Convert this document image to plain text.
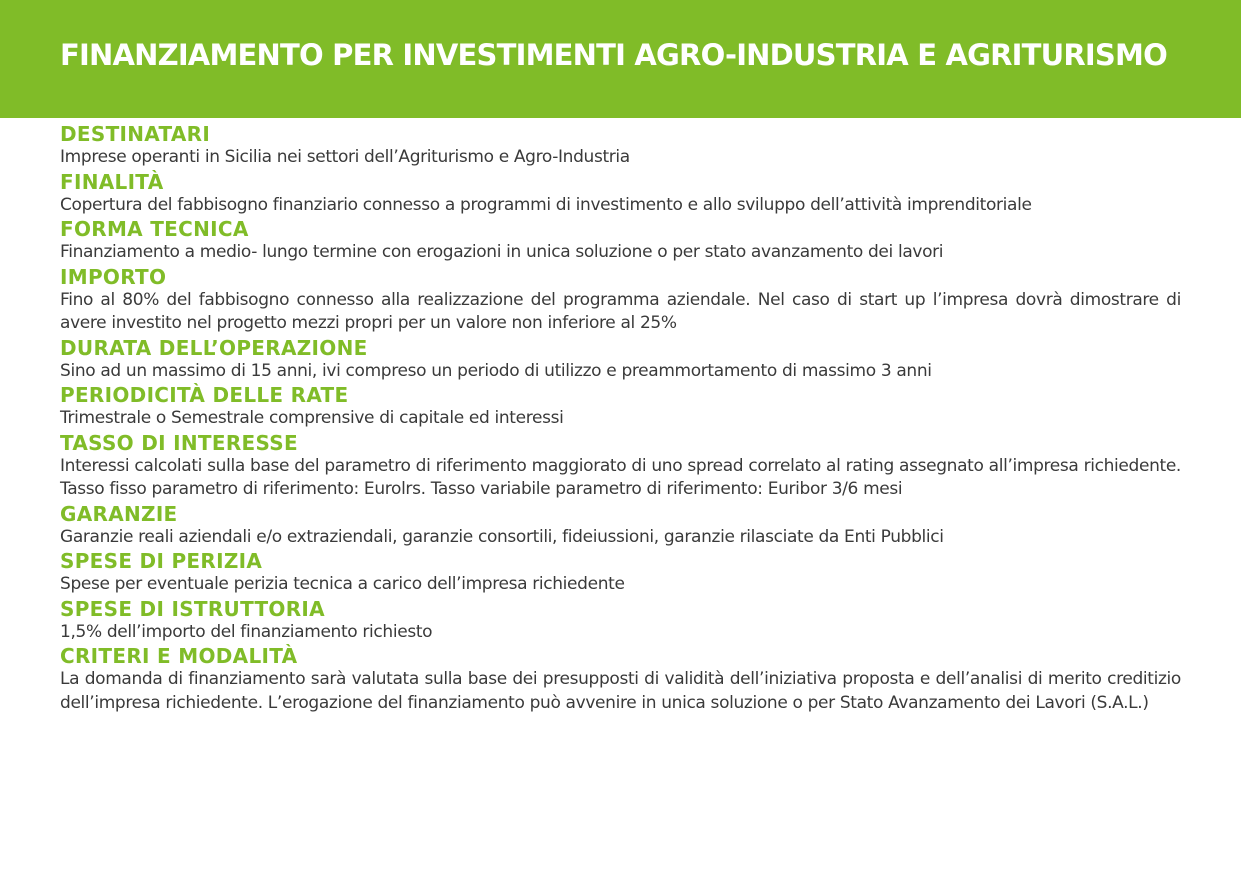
FINANZIAMENTO PER INVESTIMENTI AGRO-INDUSTRIA E AGRITURISMO
DESTINATARI

Imprese operanti in Sicilia nei settori dell’Agriturismo e Agro-Industria

FINALITÀ

Copertura del fabbisogno finanziario connesso a programmi di investimento e allo sviluppo dell’attività imprenditoriale

FORMA TECNICA

Finanziamento a medio- lungo termine con erogazioni in unica soluzione o per stato avanzamento dei lavori

IMPORTO

Fino al 80% del fabbisogno connesso alla realizzazione del programma aziendale. Nel caso di start up l’impresa dovrà dimostrare di avere investito nel progetto mezzi propri per un valore non inferiore al 25%

DURATA DELL’OPERAZIONE

Sino ad un massimo di 15 anni, ivi compreso un periodo di utilizzo e preammortamento di massimo 3 anni

PERIODICITÀ DELLE RATE

Trimestrale o Semestrale comprensive di capitale ed interessi

TASSO DI INTERESSE

Interessi calcolati sulla base del parametro di riferimento maggiorato di uno spread correlato al rating assegnato all’impresa richiedente. Tasso fisso parametro di riferimento: Eurolrs. Tasso variabile parametro di riferimento: Euribor 3/6 mesi

GARANZIE

Garanzie reali aziendali e/o extraziendali, garanzie consortili, fideiussioni, garanzie rilasciate da Enti Pubblici

SPESE DI PERIZIA

Spese per eventuale perizia tecnica a carico dell’impresa richiedente

SPESE DI ISTRUTTORIA

1,5% dell’importo del finanziamento richiesto

CRITERI E MODALITÀ

La domanda di finanziamento sarà valutata sulla base dei presupposti di validità dell’iniziativa proposta e dell’analisi di merito creditizio dell’impresa richiedente. L’erogazione del finanziamento può avvenire in unica soluzione o per Stato Avanzamento dei Lavori (S.A.L.)
